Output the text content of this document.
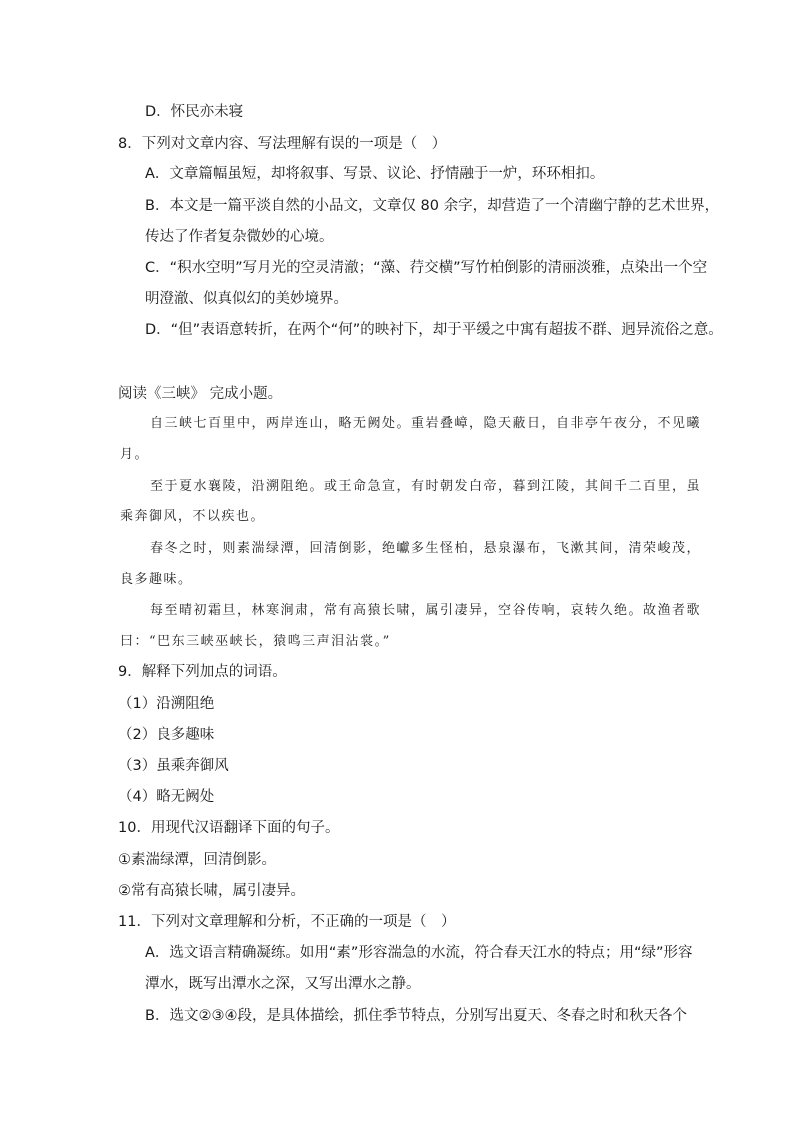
D．怀民亦未寝
8．下列对文章内容、写法理解有误的一项是（　）
A．文章篇幅虽短，却将叙事、写景、议论、抒情融于一炉，环环相扣。
B．本文是一篇平淡自然的小品文，文章仅 80 余字，却营造了一个清幽宁静的艺术世界，
传达了作者复杂微妙的心境。
C．“积水空明”写月光的空灵清澈；“藻、荇交横”写竹柏倒影的清丽淡雅，点染出一个空
明澄澈、似真似幻的美妙境界。
D．“但”表语意转折，在两个“何”的映衬下，却于平缓之中寓有超拔不群、迥异流俗之意。
阅读《三峡》 完成小题。
自三峡七百里中，两岸连山，略无阙处。重岩叠嶂，隐天蔽日，自非亭午夜分，不见曦
月。
至于夏水襄陵，沿溯阻绝。或王命急宣，有时朝发白帝，暮到江陵，其间千二百里，虽
乘奔御风，不以疾也。
春冬之时，则素湍绿潭，回清倒影，绝巘多生怪柏，悬泉瀑布，飞漱其间，清荣峻茂，
良多趣味。
每至晴初霜旦，林寒涧肃，常有高猿长啸，属引凄异，空谷传响，哀转久绝。故渔者歌
曰：“巴东三峡巫峡长，猿鸣三声泪沾裳。”
9．解释下列加点的词语。
（1）沿溯阻绝
（2）良多趣味
（3）虽乘奔御风
（4）略无阙处
10．用现代汉语翻译下面的句子。
①素湍绿潭，回清倒影。
②常有高猿长啸，属引凄异。
11．下列对文章理解和分析，不正确的一项是（　）
A．选文语言精确凝练。如用“素”形容湍急的水流，符合春天江水的特点；用“绿”形容
潭水，既写出潭水之深，又写出潭水之静。
B．选文②③④段，是具体描绘，抓住季节特点，分别写出夏天、冬春之时和秋天各个
